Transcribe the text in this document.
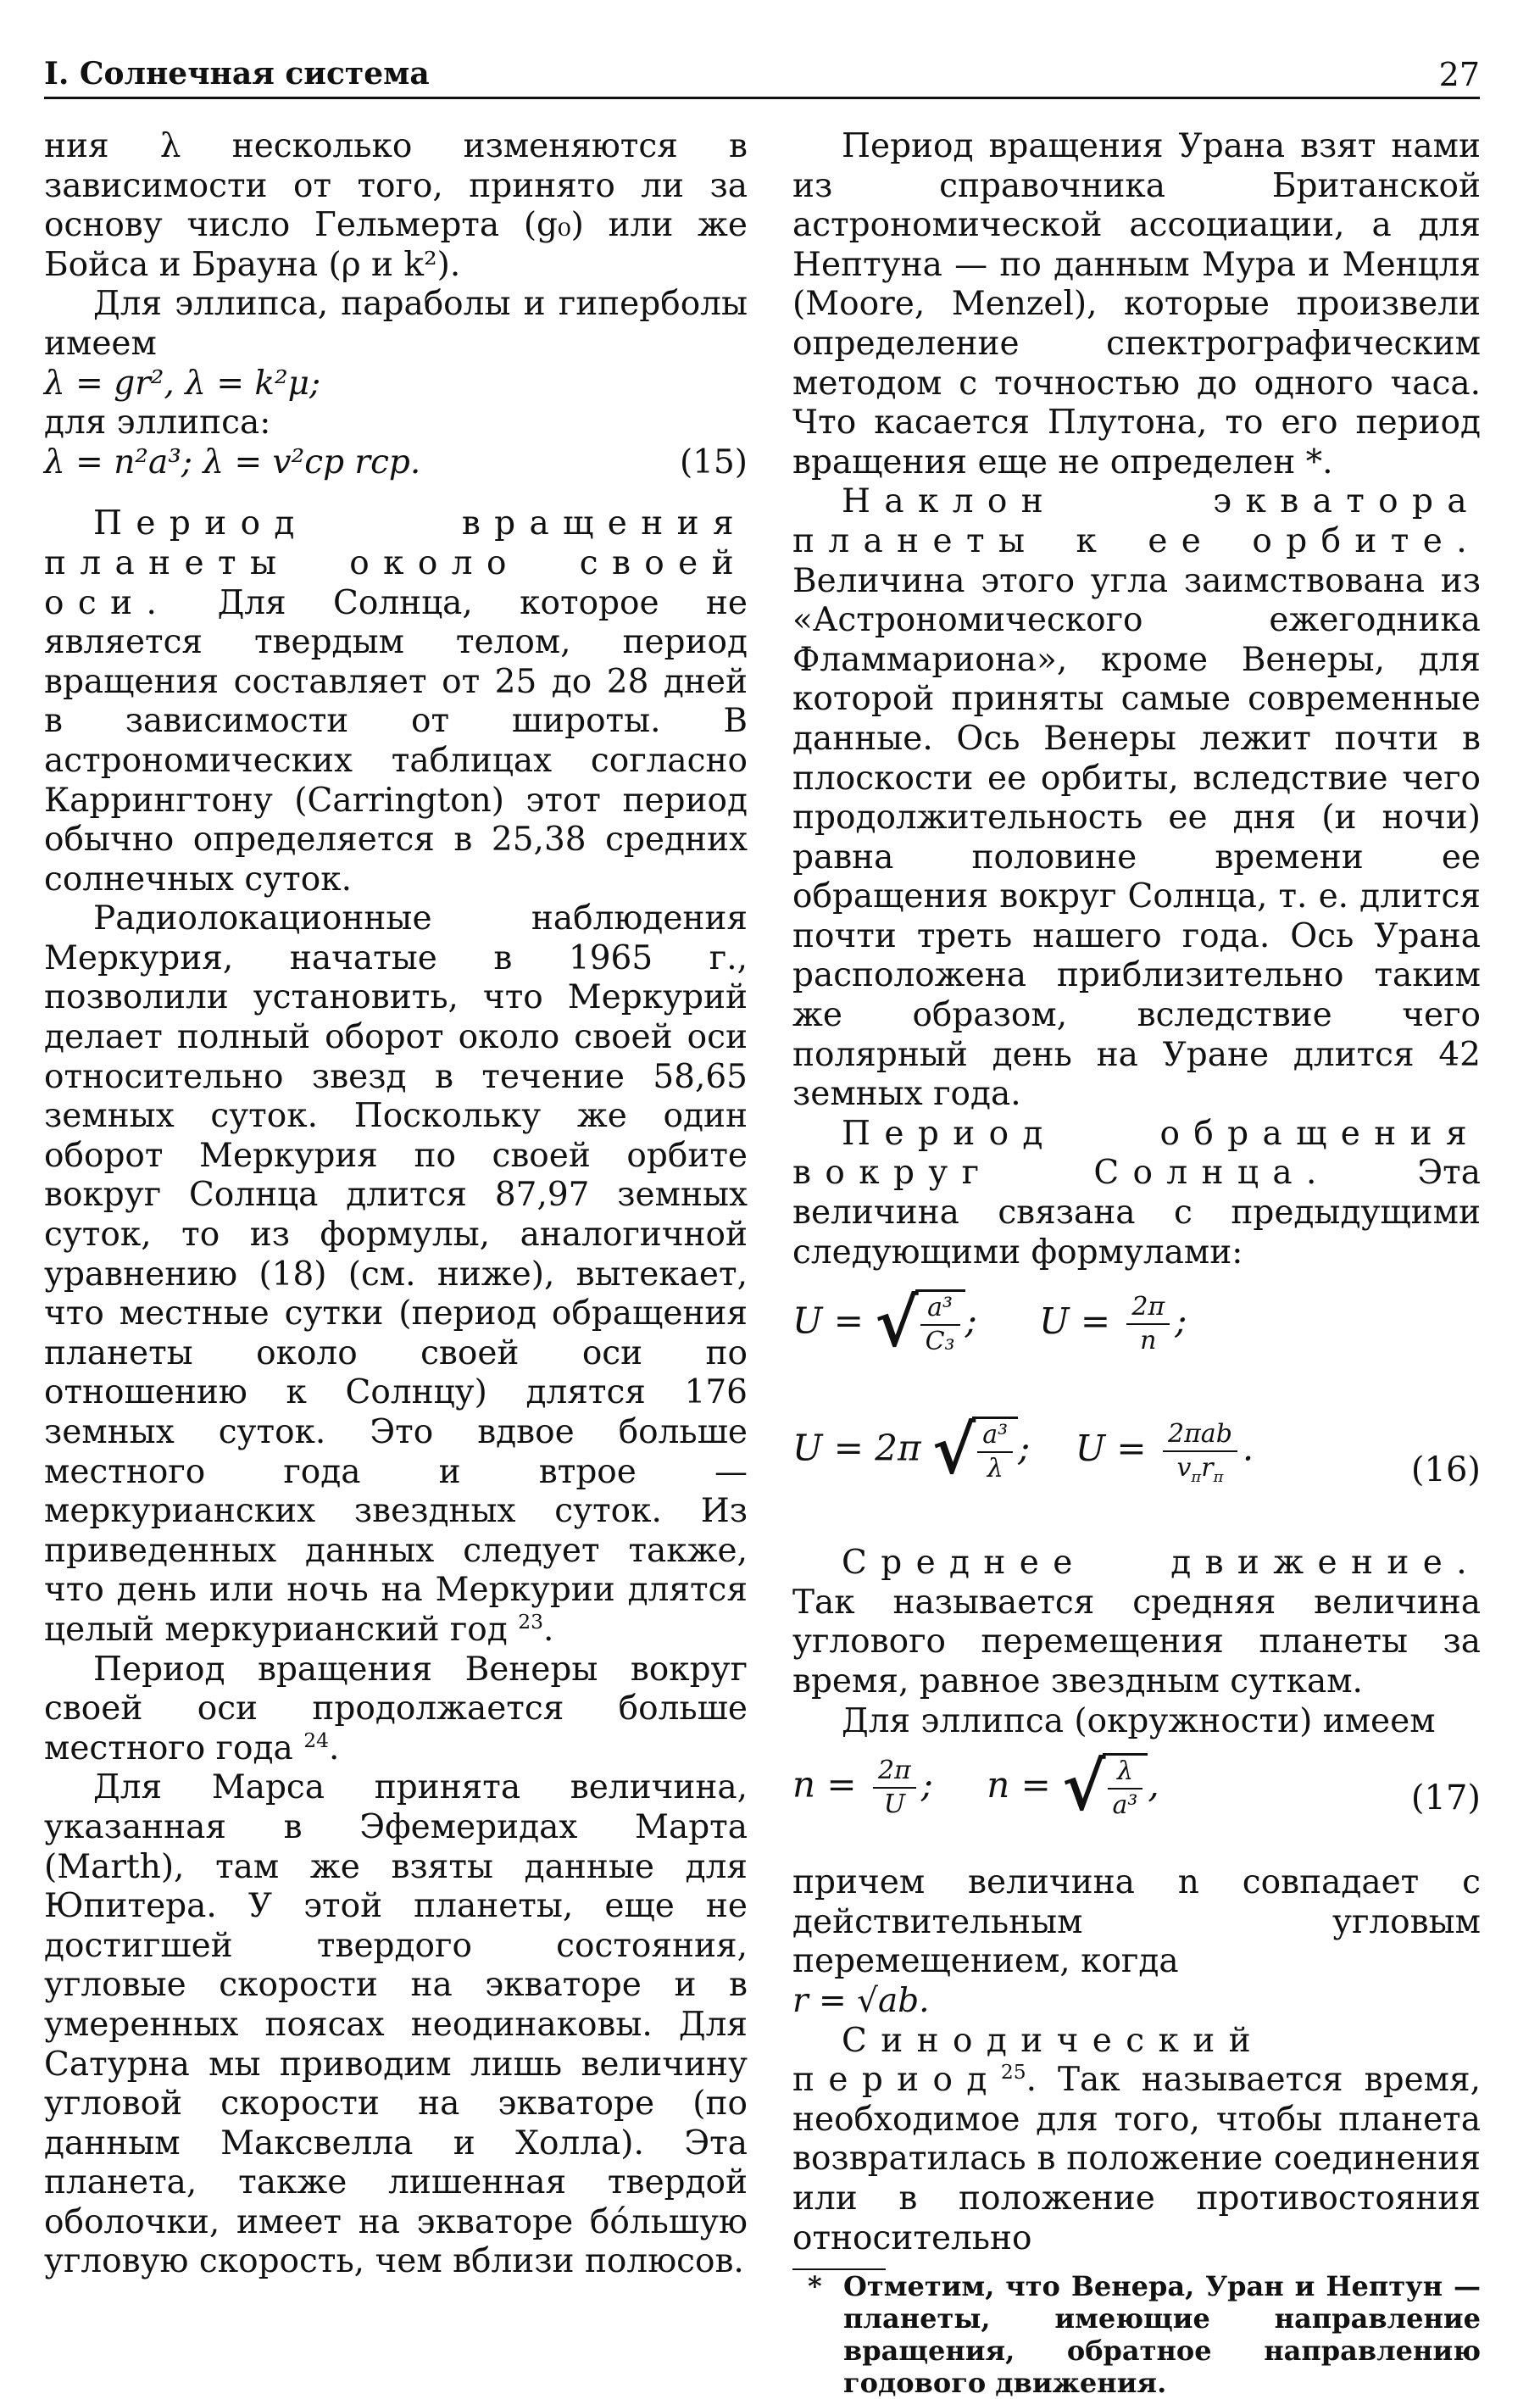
I. Солнечная система	27

ния λ несколько изменяются в зависимости от того, принято ли за основу число Гельмерта (g₀) или же Бойса и Брауна (ρ и k²).

Для эллипса, параболы и гиперболы имеем

λ = gr², λ = k²μ;

для эллипса:

λ = n²a³; λ = v²ср rср.	(15)

Период вращения планеты около своей оси. Для Солнца, которое не является твердым телом, период вращения составляет от 25 до 28 дней в зависимости от широты. В астрономических таблицах согласно Каррингтону (Carrington) этот период обычно определяется в 25,38 средних солнечных суток.

Радиолокационные наблюдения Меркурия, начатые в 1965 г., позволили установить, что Меркурий делает полный оборот около своей оси относительно звезд в течение 58,65 земных суток. Поскольку же один оборот Меркурия по своей орбите вокруг Солнца длится 87,97 земных суток, то из формулы, аналогичной уравнению (18) (см. ниже), вытекает, что местные сутки (период обращения планеты около своей оси по отношению к Солнцу) длятся 176 земных суток. Это вдвое больше местного года и втрое — меркурианских звездных суток. Из приведенных данных следует также, что день или ночь на Меркурии длятся целый меркурианский год $^{23}$.

Период вращения Венеры вокруг своей оси продолжается больше местного года $^{24}$.

Для Марса принята величина, указанная в Эфемеридах Марта (Marth), там же взяты данные для Юпитера. У этой планеты, еще не достигшей твердого состояния, угловые скорости на экваторе и в умеренных поясах неодинаковы. Для Сатурна мы приводим лишь величину угловой скорости на экваторе (по данным Максвелла и Холла). Эта планета, также лишенная твердой оболочки, имеет на экваторе бо́льшую угловую скорость, чем вблизи полюсов.

Период вращения Урана взят нами из справочника Британской астрономической ассоциации, а для Нептуна — по данным Мура и Менцля (Moore, Menzel), которые произвели определение спектрографическим методом с точностью до одного часа. Что касается Плутона, то его период вращения еще не определен *.

Наклон экватора планеты к ее орбите. Величина этого угла заимствована из «Астрономического ежегодника Фламмариона», кроме Венеры, для которой приняты самые современные данные. Ось Венеры лежит почти в плоскости ее орбиты, вследствие чего продолжительность ее дня (и ночи) равна половине времени ее обращения вокруг Солнца, т. е. длится почти треть нашего года. Ось Урана расположена приблизительно таким же образом, вследствие чего полярный день на Уране длится 42 земных года.

Период обращения вокруг Солнца.	Эта величина связана с предыдущими следующими формулами:

U = √ $\frac{\text{a³}}{\text{C₃}}$ ; $U = \frac{2\pi}{n}$ ;
U = 2π √ $\frac{\text{a³}}{\lambda}$ ; $U = \frac{\text{2πab}}{v_\pi r_\pi}$ .
(16)

Среднее движение. Так называется средняя величина углового перемещения планеты за время, равное звездным суткам.

Для эллипса (окружности) имеем

$n = \frac{2\pi}{U}$ ; n = √ $\frac{\lambda}{\text{a³}}$ ,	(17)

причем величина n совпадает с действительным угловым перемещением, когда

r = √ab.

Синодический период$^{25}$. Так называется время, необходимое для того, чтобы планета возвратилась в положение соединения или в положение противостояния относительно

* Отметим, что Венера, Уран и Нептун — планеты, имеющие направление вращения, обратное направлению годового движения.
